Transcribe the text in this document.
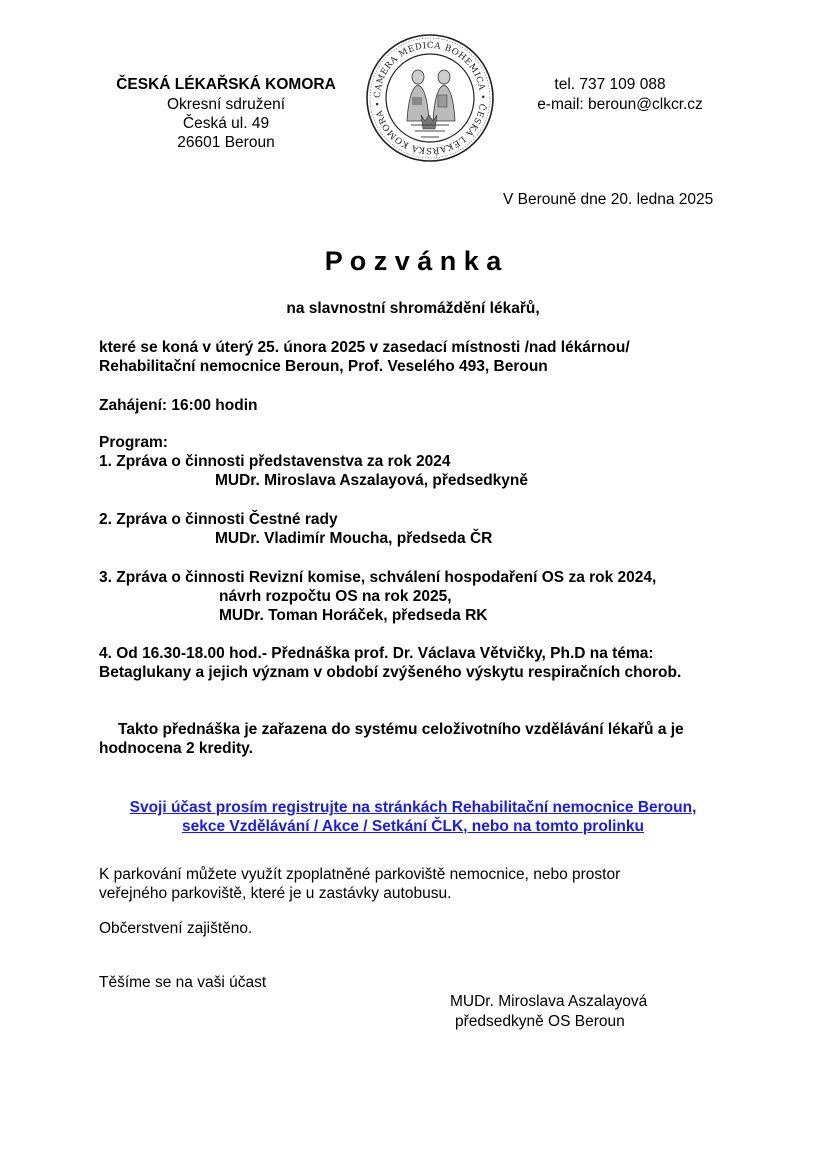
ČESKÁ LÉKAŘSKÁ KOMORA
Okresní sdružení
Česká ul. 49
26601 Beroun
CAMERA MEDICA BOHEMICA • ČESKÁ LÉKAŘSKÁ KOMORA •
tel. 737 109 088
e-mail: beroun@clkcr.cz
V Berouně dne 20. ledna 2025
P o z v á n k a
na slavnostní shromáždění lékařů,
které se koná v úterý 25. února 2025 v zasedací místnosti /nad lékárnou/
Rehabilitační nemocnice Beroun, Prof. Veselého 493, Beroun
Zahájení: 16:00 hodin
Program:
1. Zpráva o činnosti představenstva za rok 2024
MUDr. Miroslava Aszalayová, předsedkyně
2. Zpráva o činnosti Čestné rady
MUDr. Vladimír Moucha, předseda ČR
3. Zpráva o činnosti Revizní komise, schválení hospodaření OS za rok 2024,
návrh rozpočtu OS na rok 2025,
MUDr. Toman Horáček, předseda RK
4. Od 16.30-18.00 hod.- Přednáška prof. Dr. Václava Větvičky, Ph.D na téma:
Betaglukany a jejich význam v období zvýšeného výskytu respiračních chorob.
Takto přednáška je zařazena do systému celoživotního vzdělávání lékařů a je
hodnocena 2 kredity.
Svoji účast prosím registrujte na stránkách Rehabilitační nemocnice Beroun,
sekce Vzdělávání / Akce / Setkání ČLK, nebo na tomto prolinku
K parkování můžete využít zpoplatněné parkoviště nemocnice, nebo prostor
veřejného parkoviště, které je u zastávky autobusu.
Občerstvení zajištěno.
Těšíme se na vaši účast
MUDr. Miroslava Aszalayová
předsedkyně OS Beroun
